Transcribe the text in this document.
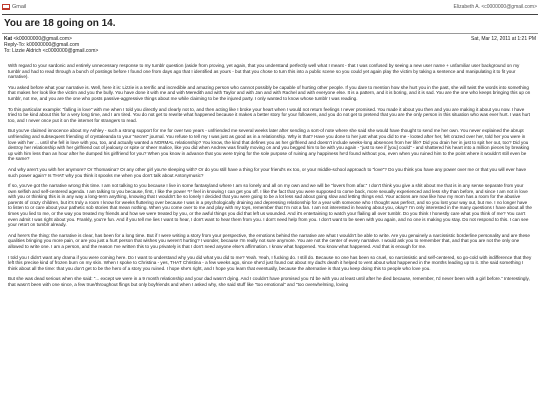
Gmail	Elizabeth A. <c0000000@gmail.com>
You are 18 going on 14.
Kat <k00000000@gmail.com>	Sat, Mar 12, 2011 at 1:21 PM
Reply-To: k00000000@gmail.com
To: Lizzie Aldrich <c0000000@gmail.com>

With regard to your sardonic and entirely unnecessary response to my tumblr question (aside from proving, yet again, that you understand perfectly well what I meant - that I was confused by seeing a new user name + unfamiliar user background on my tumblr and had to read through a bunch of postings before I found one from days ago that I identified as yours - but that you chose to turn this into a public scene so you could yet again play the victim by taking a sentence and manipulating it to fit your narrative).

You asked before what your narrative is. Well, here it is: Lizzie is a terrific and incredible and amazing person who cannot possibly be capable of hurting other people. If you dare to mention how she hurt you in the past, she will twist the words into something that makes her look like the victim and you the bully. You have done it with me and with Meredith and with Taylor and with Jan and with Rachel and with everyone else. It is a pattern, and it is boring, and it is sad. You are the one who keeps bringing this up on tumblr, not me, and you are the one who posts passive-aggressive things about me while claiming to be the injured party. I only wanted to know whose tumblr I was reading.

To this particular example: "falling in love" with me when I told you directly and clearly not to, and then acting like I broke your heart when I would not return feelings I never promised. You made it about you then and you are making it about you now. I have tried to be kind about this for a very long time, and I am tired. You do not get to rewrite what happened because it makes a better story for your followers, and you do not get to pretend that you are the only person in this situation who was ever hurt. I was hurt too, and I never once put it on the internet for strangers to read.

But you've claimed innocence about my Ashley - such a strong support for me for over two years - unfriended me several weeks later after sending a sort-of note where she said she would have thought to send me her own. You never explained the abrupt unfriending and subsequent friending of crystaleanda to your "secret" journal. You refuse to tell my I was just as good as in a relationship. Why is that? Have you done to her just what you did to me - looted after her, felt crazed over her, told her you were in love with her ... until she fell in love with you, too, and actually wanted a NORMAL relationship? You know, the kind that defines you as her girlfriend and doesn't include weeks-long absences from her life? Did you drain her in just to spit her out, too? Did you destroy her relationship with her girlfriend out of jealousy or spite or sheer malice, like you did when Andrew was finally moving on and you begged him to be with you again - "just to see if [you] could" - and shattered his heart into a million pieces by breaking up with him less than an hour after he dumped his girlfriend for you? When you know in advance that you were trying for the sole purpose of ruining any happiness he'd found without you, even when you ruined him to the point where it wouldn't still even be the same?

And why aren't you with her anymore? Or Thomasina? Or any other girl you're sleeping with? Or do you still have a thing for your friend's ex too, or your middle-school approach to "love"? Do you think you have any power over me or that you will ever have such power again? Is THAT why you think it spooks me when you don't talk about Antonymusic?

If so, you've got the narrative wrong this time. I am not talking to you because I live in some fantasyland where I am so lonely and all on my own and we will be "lovers from afar." I don't think you give a shit about me that is in any sense separate from your own selfish and self-centered agenda. I am talking to you because, first, I like the power *I* feel in knowing I can get you off. I like the fact that you were supposed to come back, more sexually experienced and less shy than before, and since I am not in love with you or thinking this is in any way a long-term anything, knowing that I wouldn't be so lonely I decided that you were going to be a lot less sad about going slow and letting things end. Your actions are now like how my mom has a room for the abusive parents of crazy children, but it's truly a room I know for weeks fluttering over because I was in a psychologically draining and depressing relationship for a year with someone who I thought was perfect, and so you lost your way out, but me. I no longer have to listen to or care about your pathetic sob stories that mean nothing. When you come over to me and play with my toys, remember that I'm not a fan. I am not interested in hearing about you, okay? I'm only interested in the many questions I have about all the times you lied to me, or the way you treated my friends and how we were treated by you, or the awful things you did that left us wounded. And it's entertaining to watch your flailing all over tumblr. Do you think I honestly care what you think of me? You can't even admit I was right about you. Frankly, you're fun. And if you tell me lies I want to hear, I don't want to hear them from you. I don't need help from you. I don't want to be seen with you again, and no one is making you stay. Do not respond to this. I can see your retort on tumblr already.

And here's the thing: the narrative is clear, has been for a long time. But if I were writing a story from your perspective, the emotions behind the narrative are what I wouldn't be able to write. Are you genuinely a narcissistic borderline personality and are these qualities bringing you more pain, or are you just a hurt person that wishes you weren't hurting? I wonder, because I'm really not sure anymore. You are not the center of every narrative. I would ask you to remember that, and that you are not the only one allowed to write one. I am a person, and the reason I've written this to you privately is that I don't need anyone else's affirmation. I know what happened. You know what happened. And that is enough for me.

I told you I didn't want any drama if you were coming here. Do I want to understand why you did what you did to me? Yeah. Yeah, I fucking do. I still do. Because no one has been so cruel, so narcissistic and self-centered, so go-cold with indifference that they left this precise kind of frozen burn on my skin. When I spoke to Christina - yes, THAT Christina - a few weeks ago, since she'd just found out about my dad's death it helped to vent about what happened in the months leading up to it. She said something I think about all the time: that you don't get to be the hero of a story you ruined. I hope she's right, and I hope you learn that eventually, because the alternative is that you keep doing this to people who love you.

But she was dead serious when she said: "... except we were in a 9 month relationship and your dad wasn't dying. And I couldn't have promised you I'd be with you at least until after he died because, remember, I'd never been with a girl before." Interestingly, that wasn't been with one since, a few true/throughout flings but only boyfriends and when I asked why, she said stuff like "too emotional" and "too overwhelming, loving
